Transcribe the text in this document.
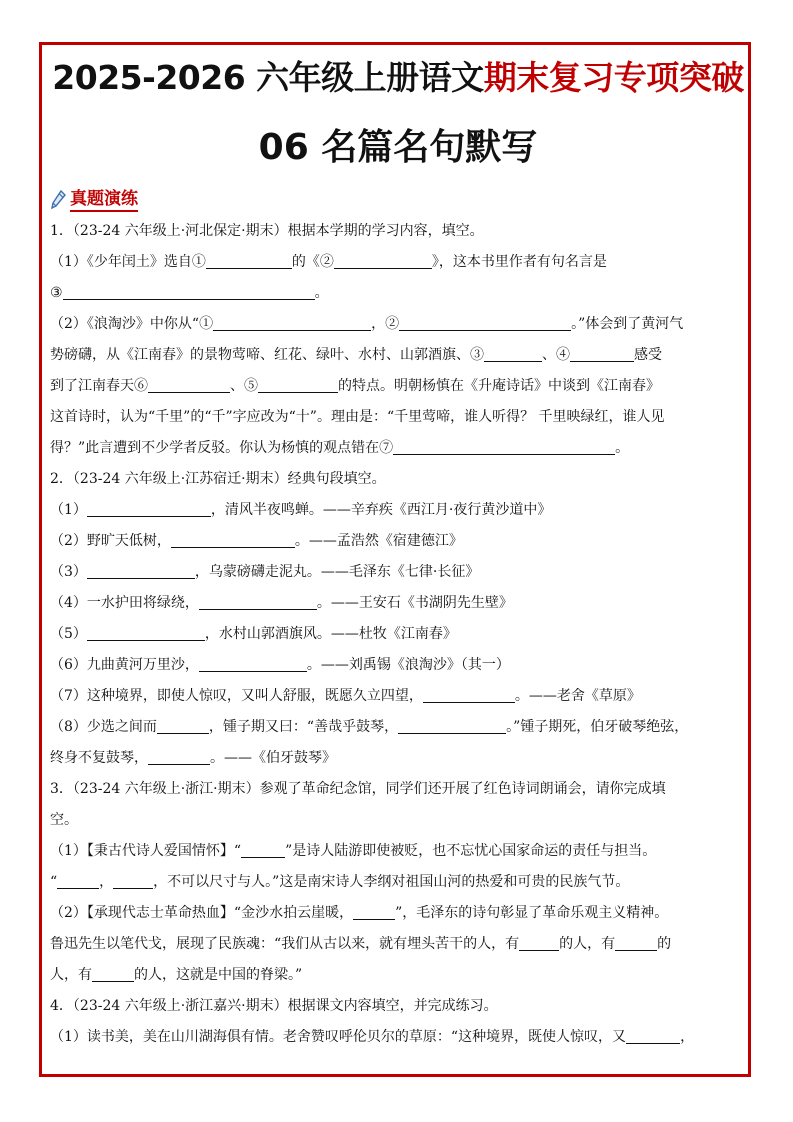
2025-2026 六年级上册语文期末复习专项突破
06 名篇名句默写
真题演练
1．（23-24 六年级上·河北保定·期末）根据本学期的学习内容，填空。
（1）《少年闰土》选自①	的《②	》，这本书里作者有句名言是
③	。
（2）《浪淘沙》中你从“①	，②	。”体会到了黄河气
势磅礴，从《江南春》的景物莺啼、红花、绿叶、水村、山郭酒旗、③	、④	感受
到了江南春天⑥	、⑤	的特点。明朝杨慎在《升庵诗话》中谈到《江南春》
这首诗时，认为“千里”的“千”字应改为“十”。理由是：“千里莺啼，谁人听得？ 千里映绿红，谁人见
得？”此言遭到不少学者反驳。你认为杨慎的观点错在⑦	。
2．（23-24 六年级上·江苏宿迁·期末）经典句段填空。
（1）	，清风半夜鸣蝉。——辛弃疾《西江月·夜行黄沙道中》
（2）野旷天低树，	。——孟浩然《宿建德江》
（3）	，乌蒙磅礴走泥丸。——毛泽东《七律·长征》
（4）一水护田将绿绕，	。——王安石《书湖阴先生壁》
（5）	，水村山郭酒旗风。——杜牧《江南春》
（6）九曲黄河万里沙，	。——刘禹锡《浪淘沙》（其一）
（7）这种境界，即使人惊叹，又叫人舒服，既愿久立四望，	。——老舍《草原》
（8）少选之间而	，锺子期又曰：“善哉乎鼓琴，	。”锺子期死，伯牙破琴绝弦，
终身不复鼓琴，	。——《伯牙鼓琴》
3．（23-24 六年级上·浙江·期末）参观了革命纪念馆，同学们还开展了红色诗词朗诵会，请你完成填
空。
（1）【秉古代诗人爱国情怀】“	”是诗人陆游即使被贬，也不忘忧心国家命运的责任与担当。
“	，	，不可以尺寸与人。”这是南宋诗人李纲对祖国山河的热爱和可贵的民族气节。
（2）【承现代志士革命热血】“金沙水拍云崖暖，	”，毛泽东的诗句彰显了革命乐观主义精神。
鲁迅先生以笔代戈，展现了民族魂：“我们从古以来，就有埋头苦干的人，有	的人，有	的
人，有	的人，这就是中国的脊梁。”
4．（23-24 六年级上·浙江嘉兴·期末）根据课文内容填空，并完成练习。
（1）读书美，美在山川湖海俱有情。老舍赞叹呼伦贝尔的草原：“这种境界，既使人惊叹，又	，
